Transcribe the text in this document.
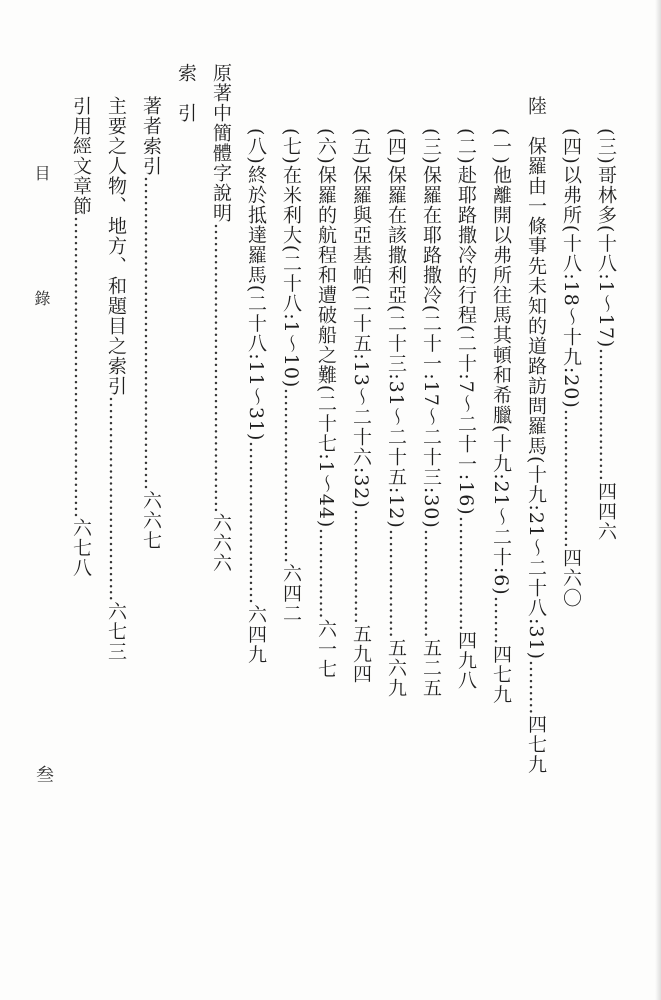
(三)哥林多(十八:1〜17)......................四四六
(四)以弗所(十八:18〜十九:20).......................四六〇
陸　保羅由一條事先未知的道路訪問羅馬(十九:21〜二十八:31).........四七九
(一)他離開以弗所往馬其頓和希臘(十九:21〜二十:6)........四七九
(二)赴耶路撒冷的行程(二十:7〜二十一:16)...................四九八
(三)保羅在耶路撒冷(二十一:17〜二十三:30)..................五二五
(四)保羅在該撒利亞(二十三:31〜二十五:12)..................五六九
(五)保羅與亞基帕(二十五:13〜二十六:32)...................五九四
(六)保羅的航程和遭破船之難(二十七:1〜44)...............六一七
(七)在米利大(二十八:1〜10).............................六四二
(八)終於抵達羅馬(二十八:11〜31)...........................六四九
原著中簡體字說明................................................六六六
索　引
著者索引....................................................六六七
主要之人物、地方、和題目之索引..................................六七三
引用經文章節..................................................六七八
目
錄
叁
